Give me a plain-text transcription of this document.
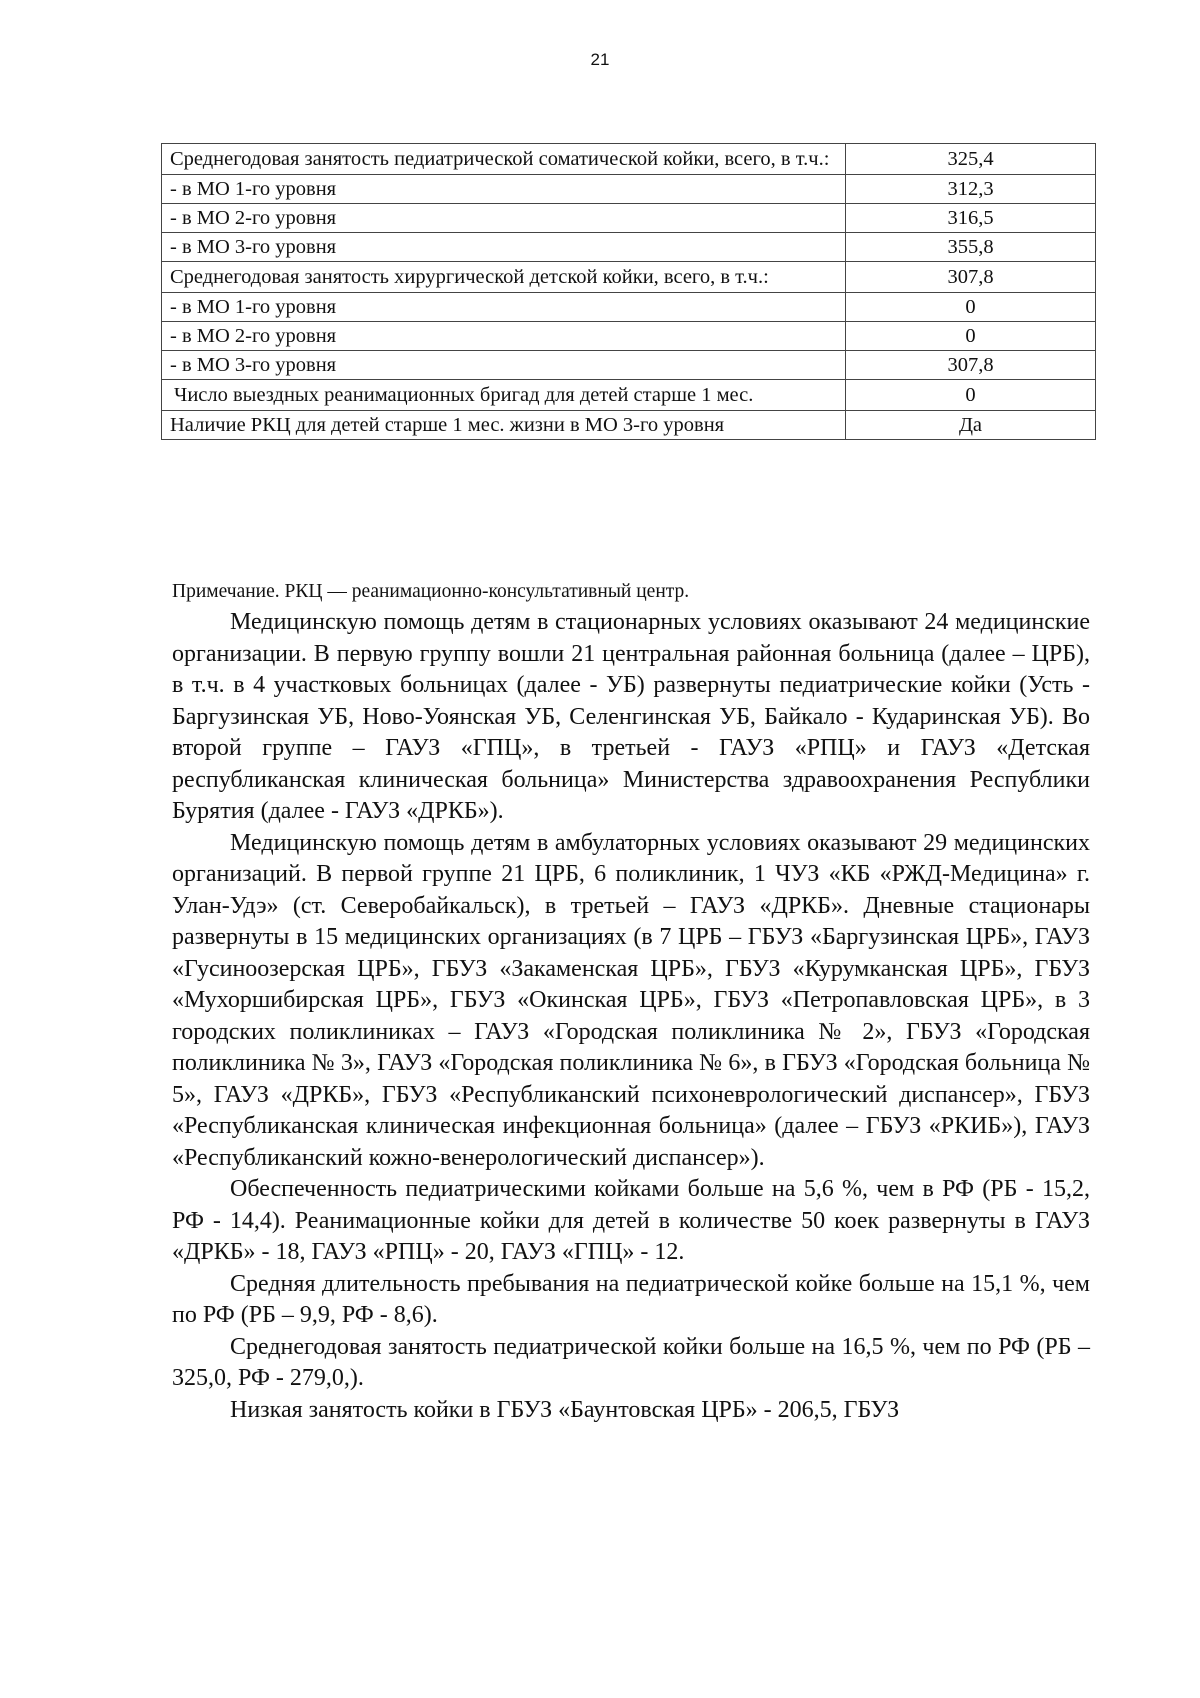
21
Среднегодовая занятость педиатрической соматической койки, всего, в т.ч.:	325,4
- в МО 1-го уровня	312,3
- в МО 2-го уровня	316,5
- в МО 3-го уровня	355,8
Среднегодовая занятость хирургической детской койки, всего, в т.ч.:	307,8
- в МО 1-го уровня	0
- в МО 2-го уровня	0
- в МО 3-го уровня	307,8
Число выездных реанимационных бригад для детей старше 1 мес.	0
Наличие РКЦ для детей старше 1 мес. жизни в МО 3-го уровня	Да
Примечание. РКЦ — реанимационно-консультативный центр.

Медицинскую помощь детям в стационарных условиях оказывают 24 медицинские организации. В первую группу вошли 21 центральная районная больница (далее – ЦРБ), в т.ч. в 4 участковых больницах (далее - УБ) развернуты педиатрические койки (Усть - Баргузинская УБ, Ново-Уоянская УБ, Селенгинская УБ, Байкало - Кударинская УБ). Во второй группе – ГАУЗ «ГПЦ», в третьей - ГАУЗ «РПЦ» и ГАУЗ «Детская республиканская клиническая больница» Министерства здравоохранения Республики Бурятия (далее - ГАУЗ «ДРКБ»).

Медицинскую помощь детям в амбулаторных условиях оказывают 29 медицинских организаций. В первой группе 21 ЦРБ, 6 поликлиник, 1 ЧУЗ «КБ «РЖД-Медицина» г. Улан-Удэ» (ст. Северобайкальск), в третьей – ГАУЗ «ДРКБ». Дневные стационары развернуты в 15 медицинских организациях (в 7 ЦРБ – ГБУЗ «Баргузинская ЦРБ», ГАУЗ «Гусиноозерская ЦРБ», ГБУЗ «Закаменская ЦРБ», ГБУЗ «Курумканская ЦРБ», ГБУЗ «Мухоршибирская ЦРБ», ГБУЗ «Окинская ЦРБ», ГБУЗ «Петропавловская ЦРБ», в 3 городских поликлиниках – ГАУЗ «Городская поликлиника № 2», ГБУЗ «Городская поликлиника № 3», ГАУЗ «Городская поликлиника № 6», в ГБУЗ «Городская больница № 5», ГАУЗ «ДРКБ», ГБУЗ «Республиканский психоневрологический диспансер», ГБУЗ «Республиканская клиническая инфекционная больница» (далее – ГБУЗ «РКИБ»), ГАУЗ «Республиканский кожно-венерологический диспансер»).

Обеспеченность педиатрическими койками больше на 5,6 %, чем в РФ (РБ - 15,2, РФ - 14,4). Реанимационные койки для детей в количестве 50 коек развернуты в ГАУЗ «ДРКБ» - 18, ГАУЗ «РПЦ» - 20, ГАУЗ «ГПЦ» - 12.

Средняя длительность пребывания на педиатрической койке больше на 15,1 %, чем по РФ (РБ – 9,9, РФ - 8,6).

Среднегодовая занятость педиатрической койки больше на 16,5 %, чем по РФ (РБ – 325,0, РФ - 279,0,).

Низкая занятость койки в ГБУЗ «Баунтовская ЦРБ» - 206,5, ГБУЗ
